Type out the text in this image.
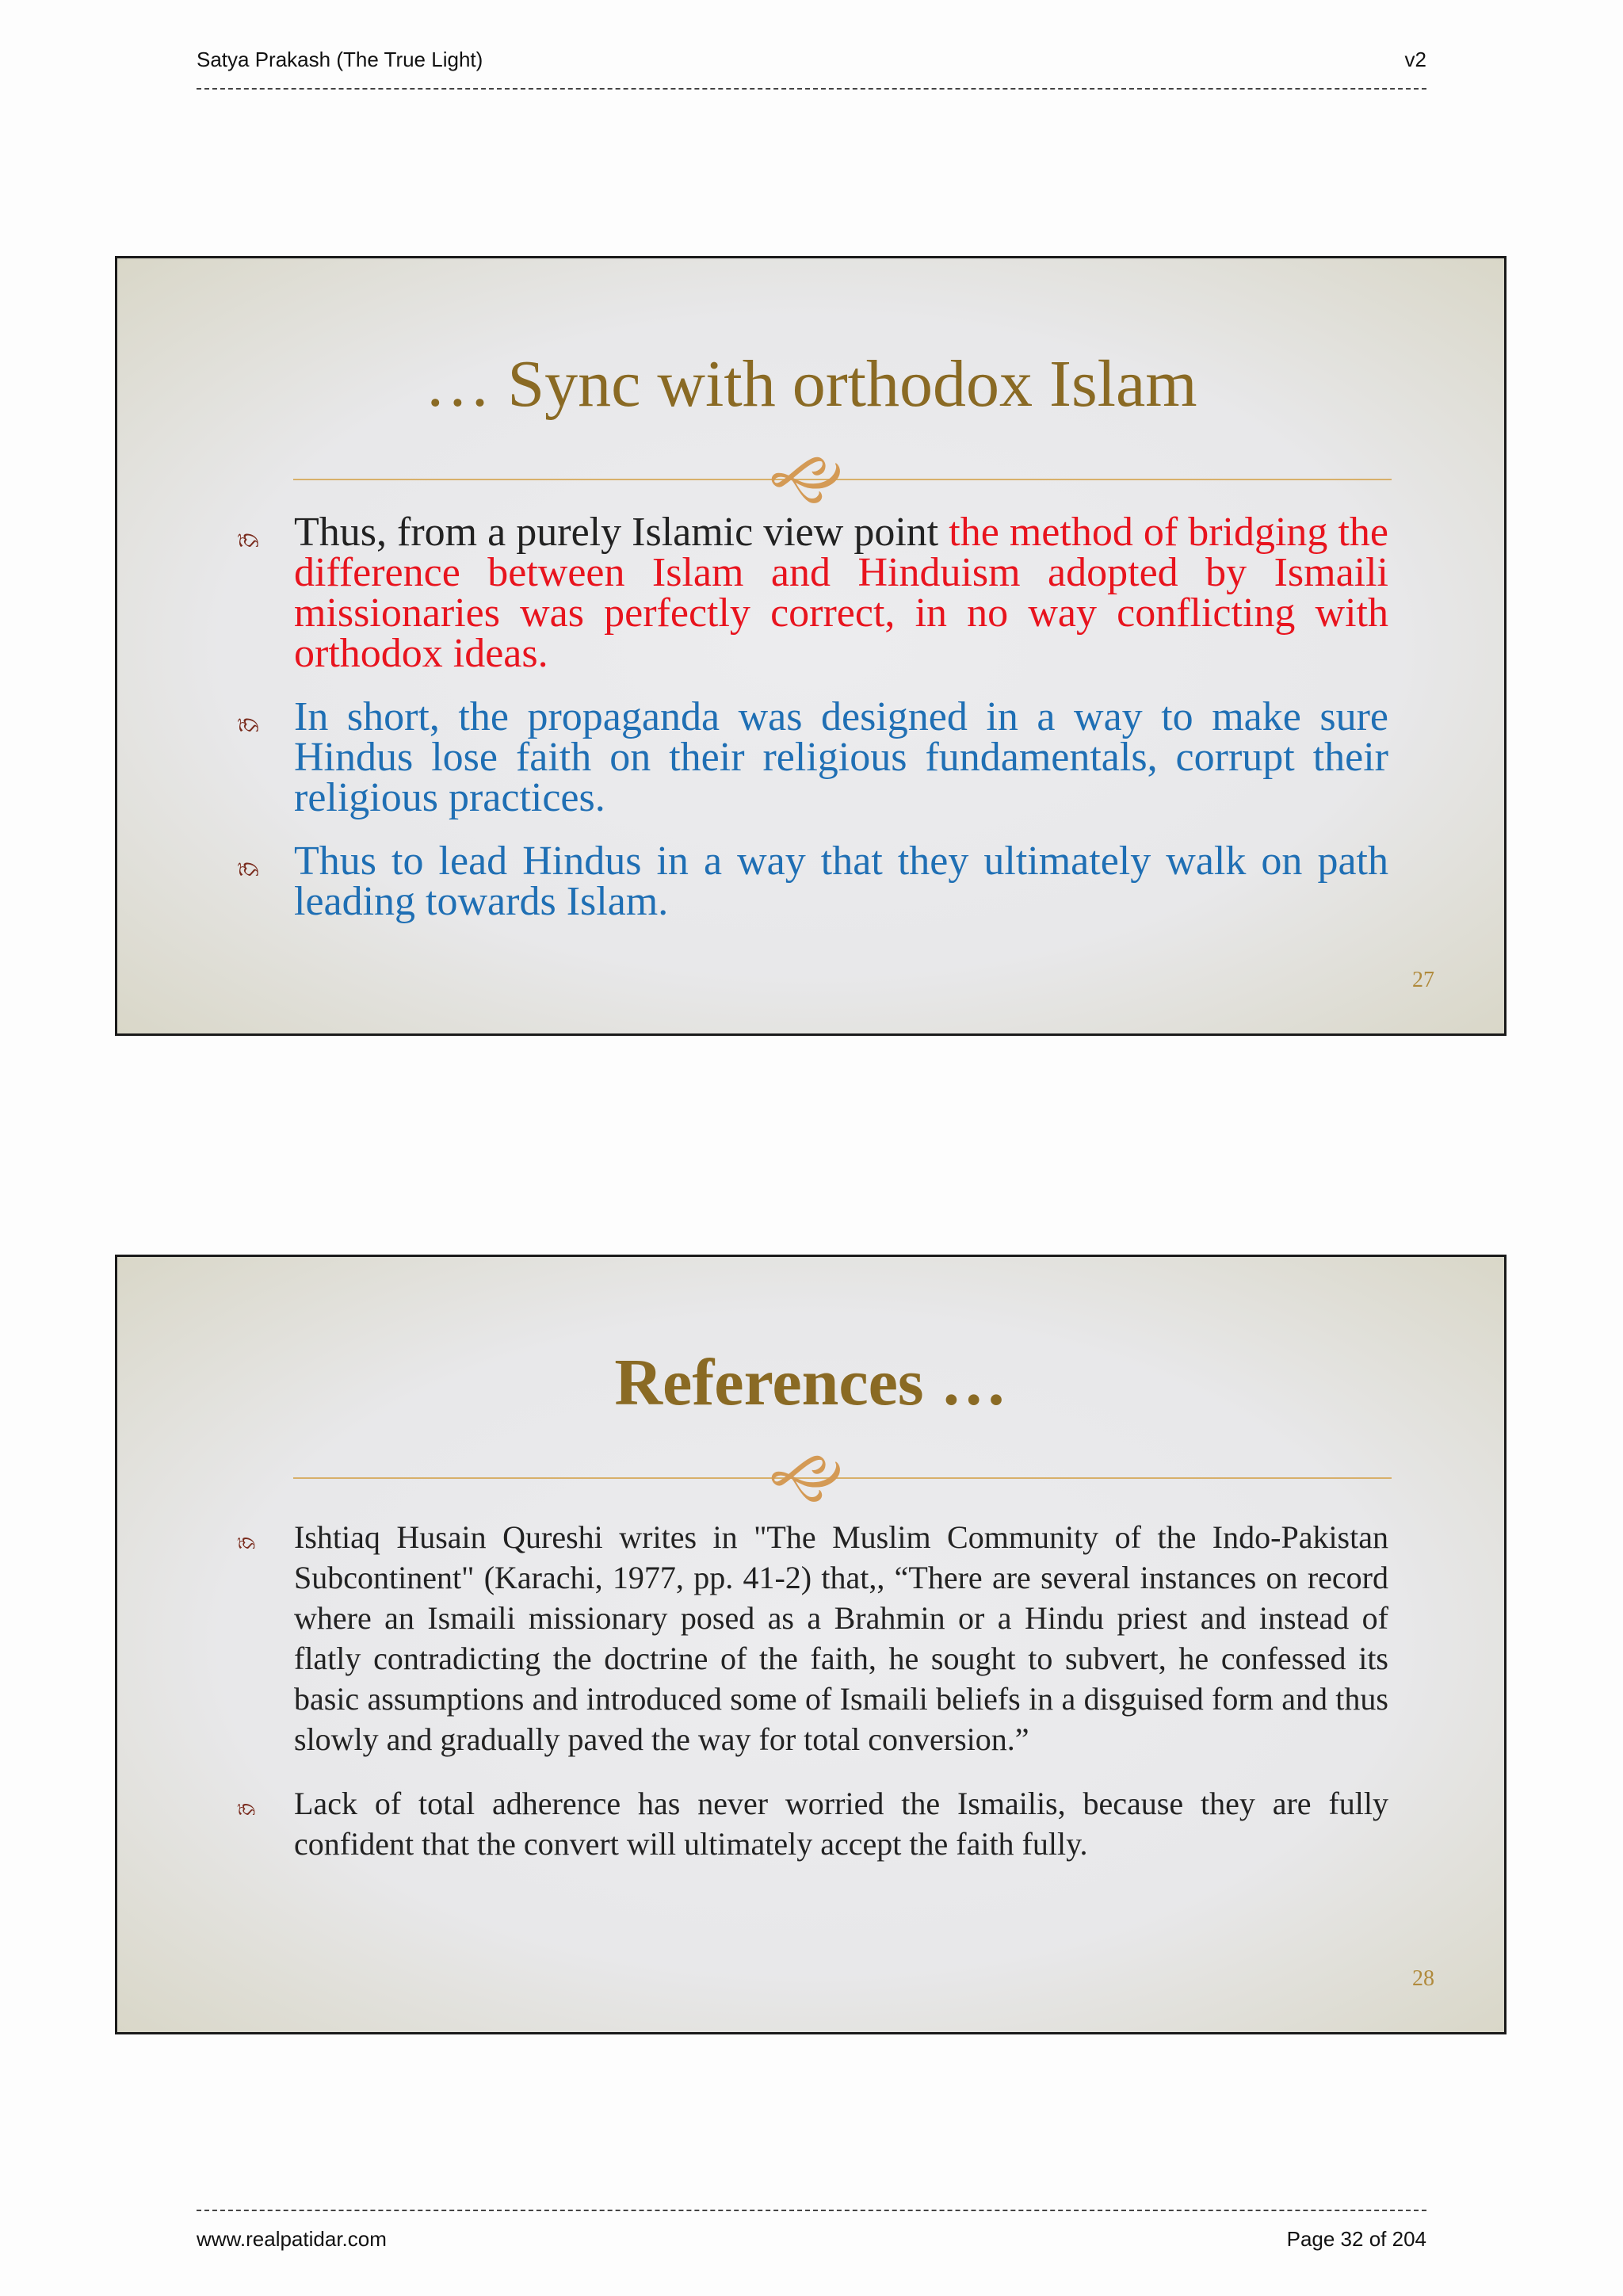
Satya Prakash (The True Light)	v2
… Sync with orthodox Islam
🙙
🙒 Thus, from a purely Islamic view point the method of bridging the difference between Islam and Hinduism adopted by Ismaili missionaries was perfectly correct, in no way conflicting with orthodox ideas.
🙒 In short, the propaganda was designed in a way to make sure Hindus lose faith on their religious fundamentals, corrupt their religious practices.
🙒 Thus to lead Hindus in a way that they ultimately walk on path leading towards Islam.
27
References …
🙙
🙒 Ishtiaq Husain Qureshi writes in "The Muslim Community of the Indo-Pakistan Subcontinent" (Karachi, 1977, pp. 41-2) that,, “There are several instances on record where an Ismaili missionary posed as a Brahmin or a Hindu priest and instead of flatly contradicting the doctrine of the faith, he sought to subvert, he confessed its basic assumptions and introduced some of Ismaili beliefs in a disguised form and thus slowly and gradually paved the way for total conversion.”
🙒 Lack of total adherence has never worried the Ismailis, because they are fully confident that the convert will ultimately accept the faith fully.
28
www.realpatidar.com	Page 32 of 204
